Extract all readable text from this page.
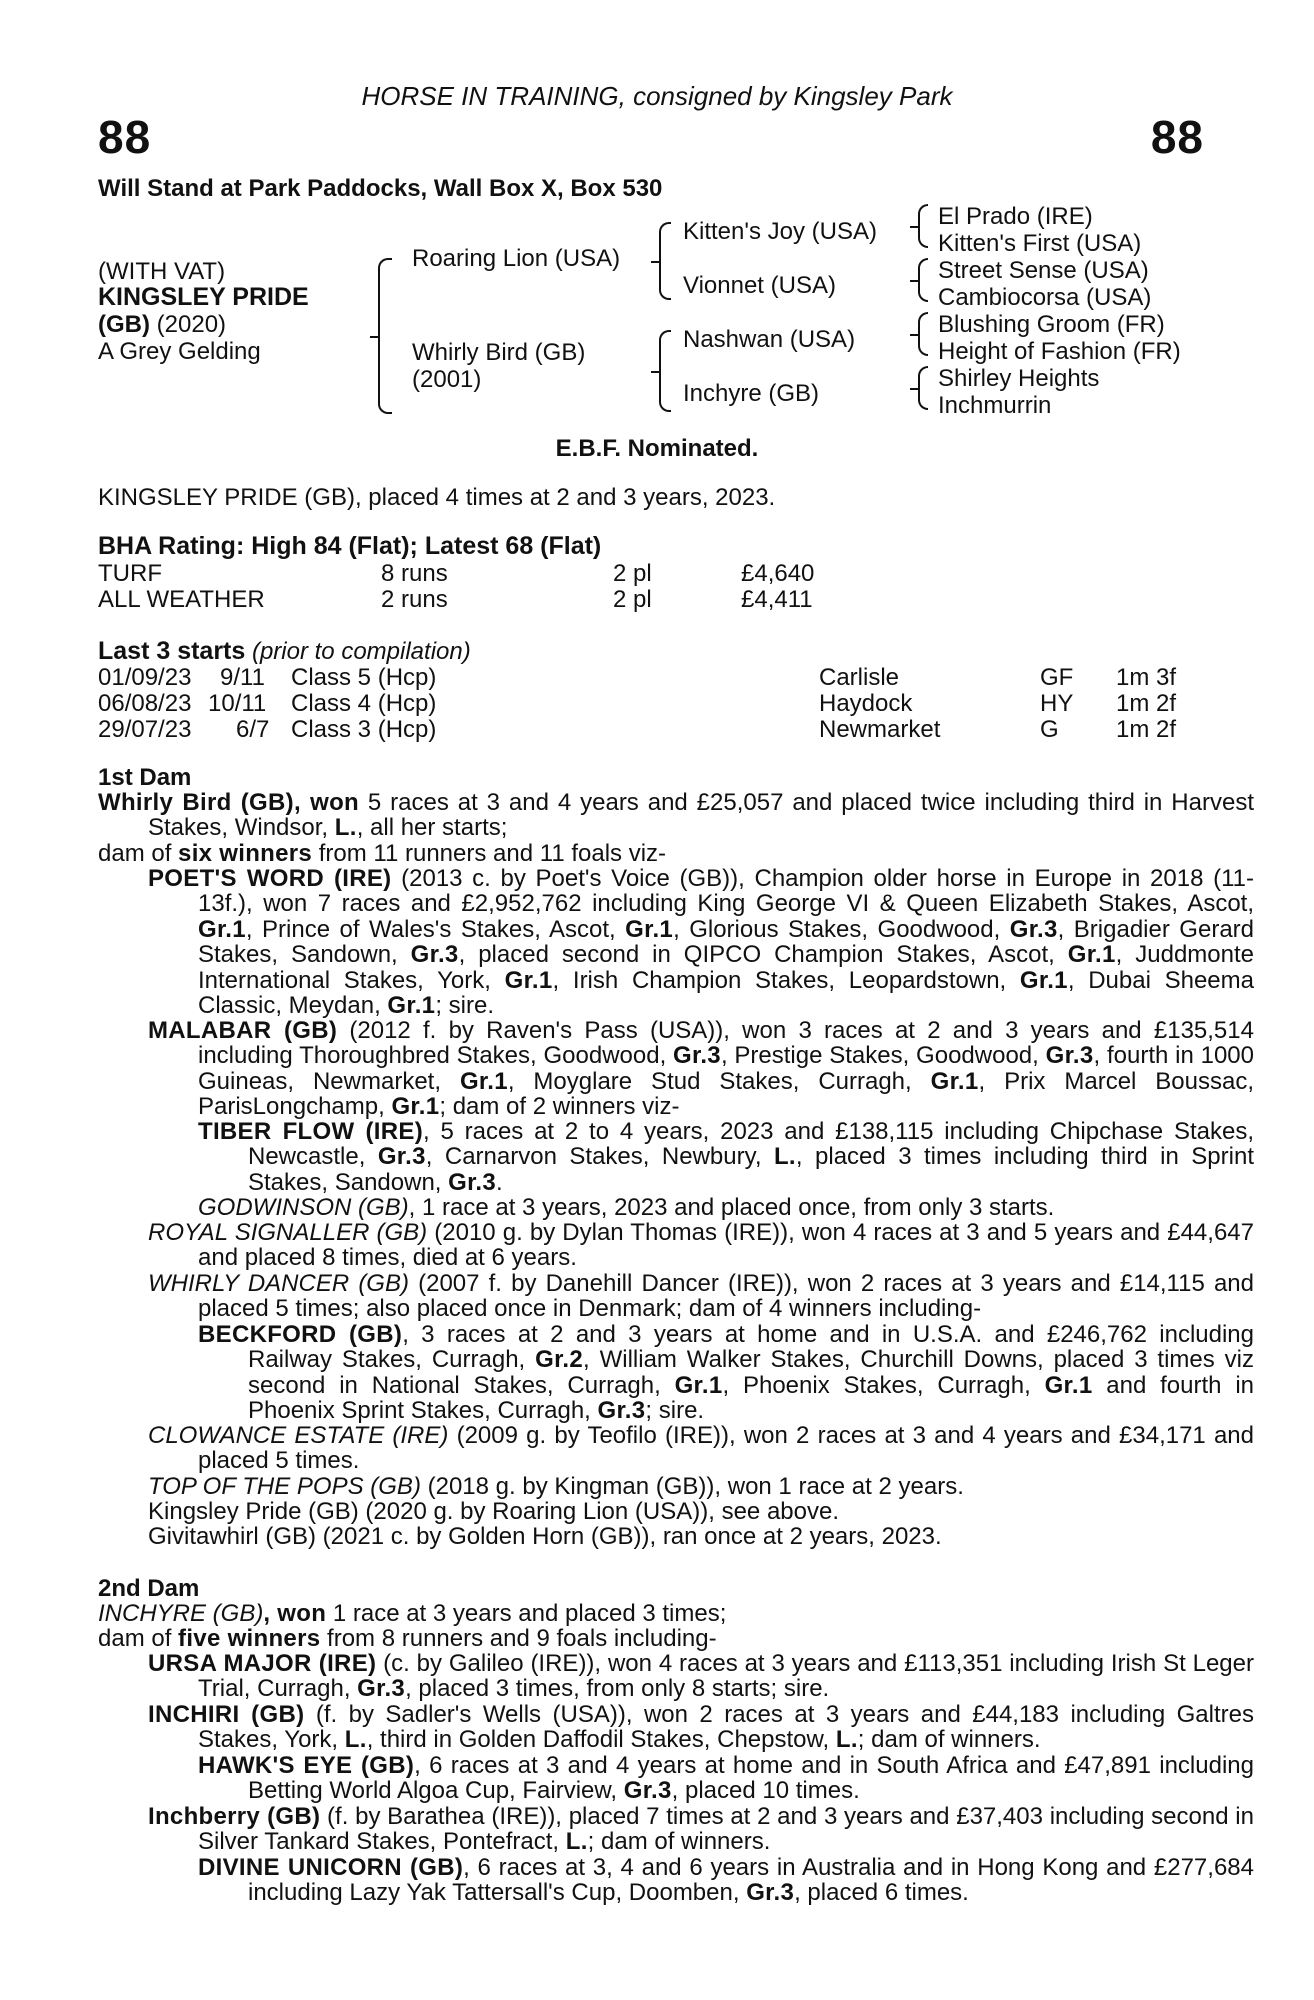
HORSE IN TRAINING, consigned by Kingsley Park
88	88
Will Stand at Park Paddocks, Wall Box X, Box 530
(WITH VAT)
KINGSLEY PRIDE
(GB) (2020)
A Grey Gelding
Roaring Lion (USA)
Whirly Bird (GB)
(2001)
Kitten's Joy (USA)
Vionnet (USA)
Nashwan (USA)
Inchyre (GB)
El Prado (IRE)
Kitten's First (USA)
Street Sense (USA)
Cambiocorsa (USA)
Blushing Groom (FR)
Height of Fashion (FR)
Shirley Heights
Inchmurrin
E.B.F. Nominated.
KINGSLEY PRIDE (GB), placed 4 times at 2 and 3 years, 2023.
BHA Rating: High 84 (Flat); Latest 68 (Flat)
TURF	8 runs	2 pl	£4,640
ALL WEATHER	2 runs	2 pl	£4,411
Last 3 starts (prior to compilation)
01/09/23 9/11 Class 5 (Hcp)	Carlisle	GF 1m 3f
06/08/23 10/11 Class 4 (Hcp)	Haydock	HY 1m 2f
29/07/23 6/7 Class 3 (Hcp)	Newmarket	G 1m 2f
1st Dam

Whirly Bird (GB), won 5 races at 3 and 4 years and £25,057 and placed twice including third in Harvest Stakes, Windsor, L., all her starts;

dam of six winners from 11 runners and 11 foals viz-

POET'S WORD (IRE) (2013 c. by Poet's Voice (GB)), Champion older horse in Europe in 2018 (11-13f.), won 7 races and £2,952,762 including King George VI & Queen Elizabeth Stakes, Ascot, Gr.1, Prince of Wales's Stakes, Ascot, Gr.1, Glorious Stakes, Goodwood, Gr.3, Brigadier Gerard Stakes, Sandown, Gr.3, placed second in QIPCO Champion Stakes, Ascot, Gr.1, Juddmonte International Stakes, York, Gr.1, Irish Champion Stakes, Leopardstown, Gr.1, Dubai Sheema Classic, Meydan, Gr.1; sire.

MALABAR (GB) (2012 f. by Raven's Pass (USA)), won 3 races at 2 and 3 years and £135,514 including Thoroughbred Stakes, Goodwood, Gr.3, Prestige Stakes, Goodwood, Gr.3, fourth in 1000 Guineas, Newmarket, Gr.1, Moyglare Stud Stakes, Curragh, Gr.1, Prix Marcel Boussac, ParisLongchamp, Gr.1; dam of 2 winners viz-

TIBER FLOW (IRE), 5 races at 2 to 4 years, 2023 and £138,115 including Chipchase Stakes, Newcastle, Gr.3, Carnarvon Stakes, Newbury, L., placed 3 times including third in Sprint Stakes, Sandown, Gr.3.

GODWINSON (GB), 1 race at 3 years, 2023 and placed once, from only 3 starts.

ROYAL SIGNALLER (GB) (2010 g. by Dylan Thomas (IRE)), won 4 races at 3 and 5 years and £44,647 and placed 8 times, died at 6 years.

WHIRLY DANCER (GB) (2007 f. by Danehill Dancer (IRE)), won 2 races at 3 years and £14,115 and placed 5 times; also placed once in Denmark; dam of 4 winners including-

BECKFORD (GB), 3 races at 2 and 3 years at home and in U.S.A. and £246,762 including Railway Stakes, Curragh, Gr.2, William Walker Stakes, Churchill Downs, placed 3 times viz second in National Stakes, Curragh, Gr.1, Phoenix Stakes, Curragh, Gr.1 and fourth in Phoenix Sprint Stakes, Curragh, Gr.3; sire.

CLOWANCE ESTATE (IRE) (2009 g. by Teofilo (IRE)), won 2 races at 3 and 4 years and £34,171 and placed 5 times.

TOP OF THE POPS (GB) (2018 g. by Kingman (GB)), won 1 race at 2 years.

Kingsley Pride (GB) (2020 g. by Roaring Lion (USA)), see above.

Givitawhirl (GB) (2021 c. by Golden Horn (GB)), ran once at 2 years, 2023.

2nd Dam

INCHYRE (GB), won 1 race at 3 years and placed 3 times;

dam of five winners from 8 runners and 9 foals including-

URSA MAJOR (IRE) (c. by Galileo (IRE)), won 4 races at 3 years and £113,351 including Irish St Leger Trial, Curragh, Gr.3, placed 3 times, from only 8 starts; sire.

INCHIRI (GB) (f. by Sadler's Wells (USA)), won 2 races at 3 years and £44,183 including Galtres Stakes, York, L., third in Golden Daffodil Stakes, Chepstow, L.; dam of winners.

HAWK'S EYE (GB), 6 races at 3 and 4 years at home and in South Africa and £47,891 including Betting World Algoa Cup, Fairview, Gr.3, placed 10 times.

Inchberry (GB) (f. by Barathea (IRE)), placed 7 times at 2 and 3 years and £37,403 including second in Silver Tankard Stakes, Pontefract, L.; dam of winners.

DIVINE UNICORN (GB), 6 races at 3, 4 and 6 years in Australia and in Hong Kong and £277,684 including Lazy Yak Tattersall's Cup, Doomben, Gr.3, placed 6 times.
